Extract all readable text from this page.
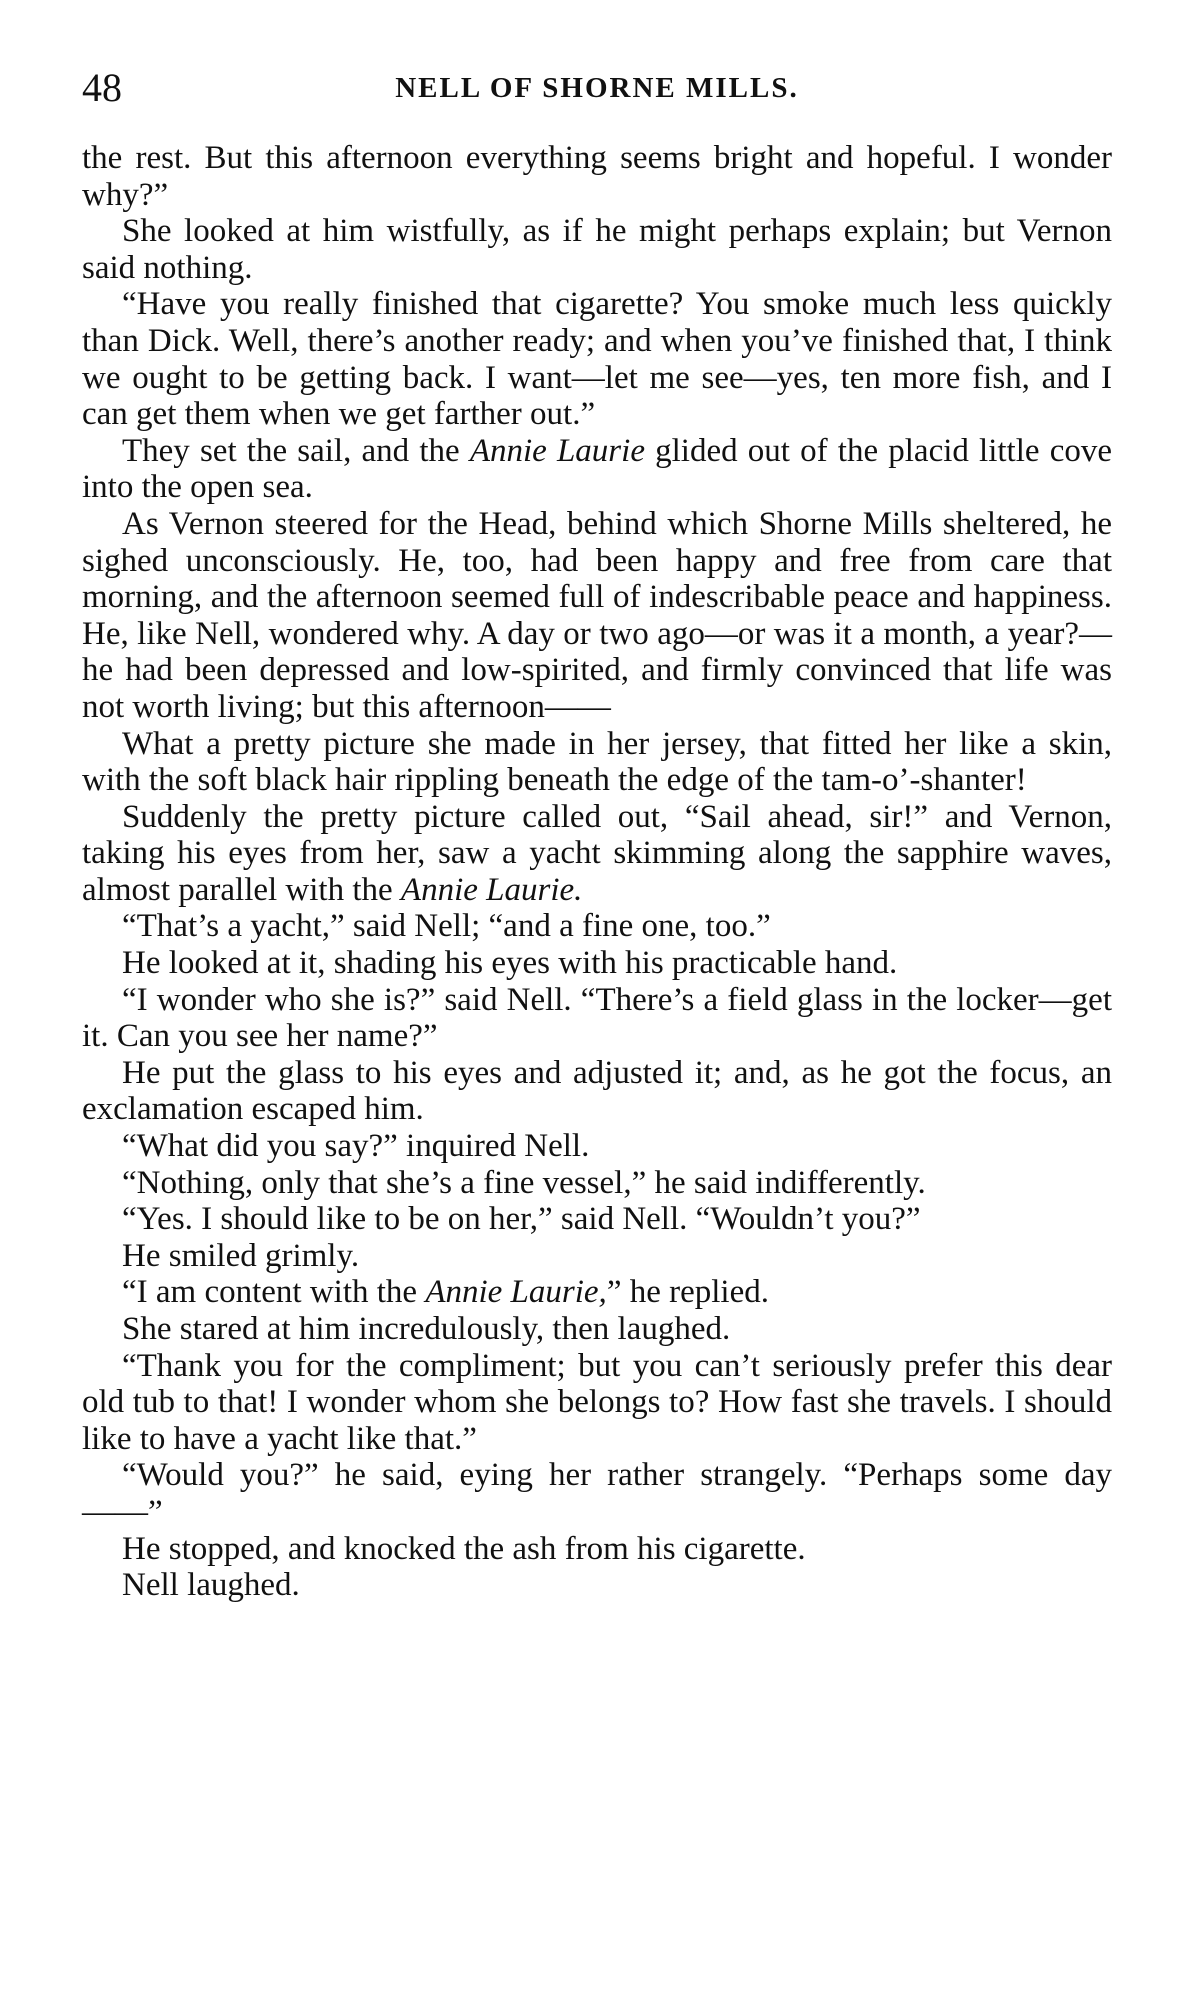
48	NELL OF SHORNE MILLS.

the rest. But this afternoon everything seems bright and hopeful. I wonder why?”

She looked at him wistfully, as if he might perhaps explain; but Vernon said nothing.

“Have you really finished that cigarette? You smoke much less quickly than Dick. Well, there’s another ready; and when you’ve finished that, I think we ought to be getting back. I want—let me see—yes, ten more fish, and I can get them when we get farther out.”

They set the sail, and the Annie Laurie glided out of the placid little cove into the open sea.

As Vernon steered for the Head, behind which Shorne Mills sheltered, he sighed unconsciously. He, too, had been happy and free from care that morning, and the afternoon seemed full of indescribable peace and happiness. He, like Nell, wondered why. A day or two ago—or was it a month, a year?—he had been depressed and low-spirited, and firmly convinced that life was not worth living; but this afternoon——

What a pretty picture she made in her jersey, that fitted her like a skin, with the soft black hair rippling beneath the edge of the tam-o’-shanter!

Suddenly the pretty picture called out, “Sail ahead, sir!” and Vernon, taking his eyes from her, saw a yacht skimming along the sapphire waves, almost parallel with the Annie Laurie.

“That’s a yacht,” said Nell; “and a fine one, too.”

He looked at it, shading his eyes with his practicable hand.

“I wonder who she is?” said Nell. “There’s a field glass in the locker—get it. Can you see her name?”

He put the glass to his eyes and adjusted it; and, as he got the focus, an exclamation escaped him.

“What did you say?” inquired Nell.

“Nothing, only that she’s a fine vessel,” he said indifferently.

“Yes. I should like to be on her,” said Nell. “Wouldn’t you?”

He smiled grimly.

“I am content with the Annie Laurie,” he replied.

She stared at him incredulously, then laughed.

“Thank you for the compliment; but you can’t seriously prefer this dear old tub to that! I wonder whom she belongs to? How fast she travels. I should like to have a yacht like that.”

“Would you?” he said, eying her rather strangely. “Perhaps some day——”

He stopped, and knocked the ash from his cigarette.

Nell laughed.
